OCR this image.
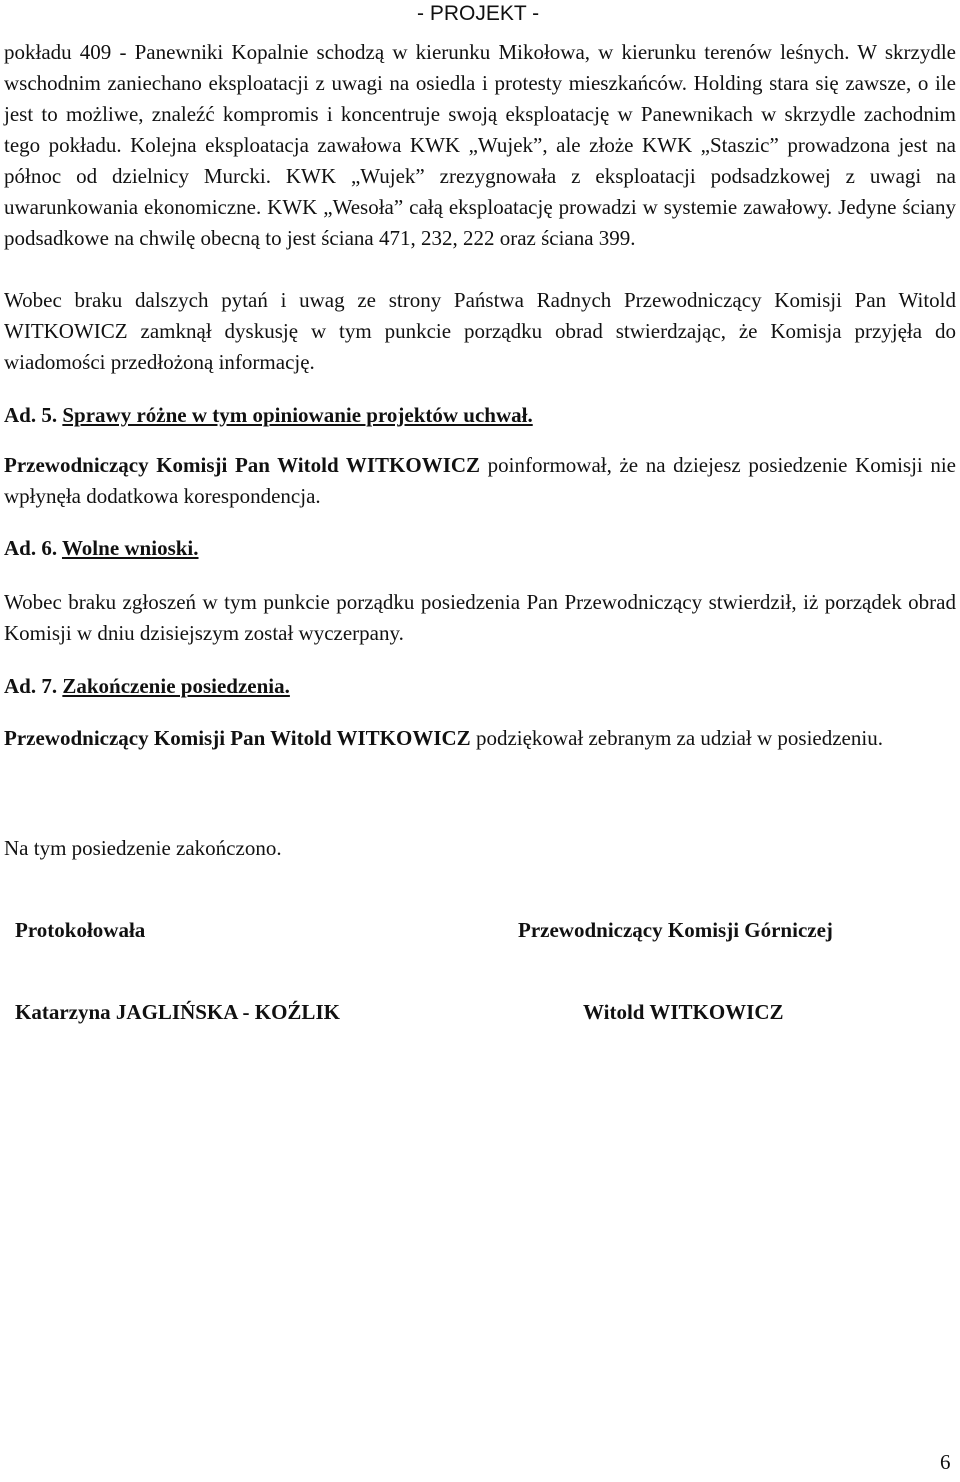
- PROJEKT -

pokładu 409 - Panewniki Kopalnie schodzą w kierunku Mikołowa, w kierunku terenów leśnych. W skrzydle wschodnim zaniechano eksploatacji z uwagi na osiedla i protesty mieszkańców. Holding stara się zawsze, o ile jest to możliwe, znaleźć kompromis i koncentruje swoją eksploatację w Panewnikach w skrzydle zachodnim tego pokładu. Kolejna eksploatacja zawałowa KWK „Wujek”, ale złoże KWK „Staszic” prowadzona jest na północ od dzielnicy Murcki. KWK „Wujek” zrezygnowała z eksploatacji podsadzkowej z uwagi na uwarunkowania ekonomiczne. KWK „Wesoła” całą eksploatację prowadzi w systemie zawałowy. Jedyne ściany podsadkowe na chwilę obecną to jest ściana 471, 232, 222 oraz ściana 399.

Wobec braku dalszych pytań i uwag ze strony Państwa Radnych Przewodniczący Komisji Pan Witold WITKOWICZ zamknął dyskusję w tym punkcie porządku obrad stwierdzając, że Komisja przyjęła do wiadomości przedłożoną informację.

Ad. 5. Sprawy różne w tym opiniowanie projektów uchwał.

Przewodniczący Komisji Pan Witold WITKOWICZ poinformował, że na dziejesz posiedzenie Komisji nie wpłynęła dodatkowa korespondencja.

Ad. 6. Wolne wnioski.

Wobec braku zgłoszeń w tym punkcie porządku posiedzenia Pan Przewodniczący stwierdził, iż porządek obrad Komisji w dniu dzisiejszym został wyczerpany.

Ad. 7. Zakończenie posiedzenia.

Przewodniczący Komisji Pan Witold WITKOWICZ podziękował zebranym za udział w posiedzeniu.

Na tym posiedzenie zakończono.

Protokołowała	Przewodniczący Komisji Górniczej
Katarzyna JAGLIŃSKA - KOŹLIK	Witold WITKOWICZ
6
